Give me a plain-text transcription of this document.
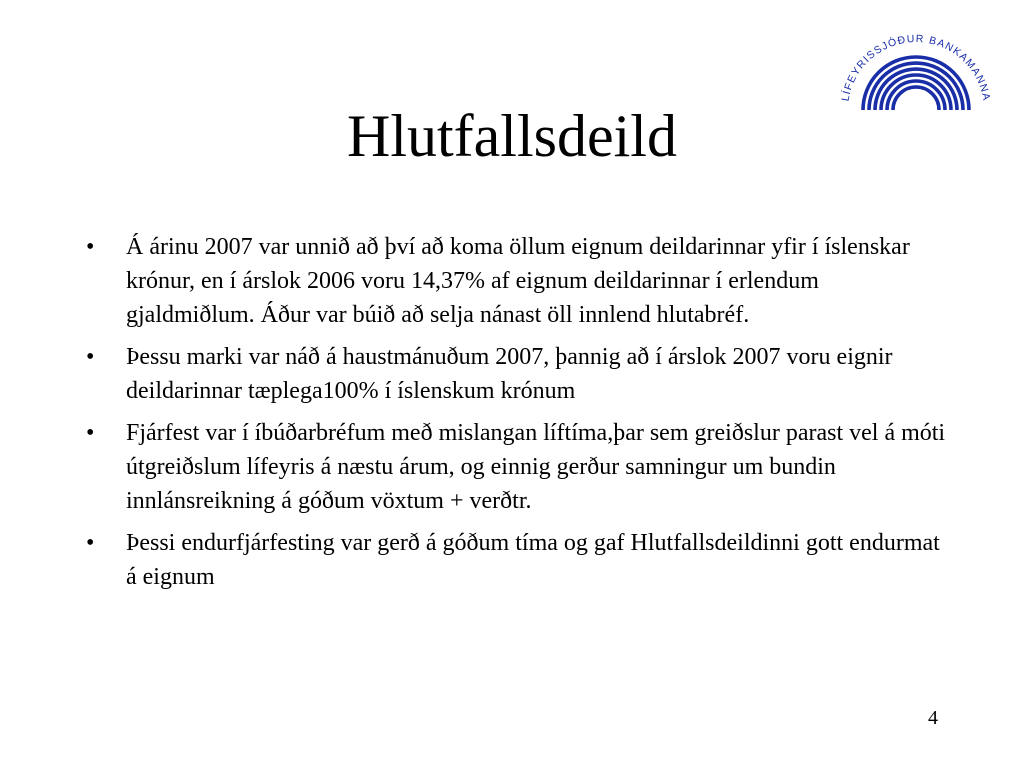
LÍFEYRISSJÓÐUR BANKAMANNA
Hlutfallsdeild
•	Á árinu 2007 var unnið að því að koma öllum eignum deildarinnar yfir í íslenskar krónur, en í árslok 2006 voru 14,37% af eignum deildarinnar í erlendum gjaldmiðlum. Áður var búið að selja nánast öll innlend hlutabréf.
•	Þessu marki var náð á haustmánuðum 2007, þannig að í árslok 2007 voru eignir deildarinnar tæplega100% í íslenskum krónum
•	Fjárfest var í íbúðarbréfum með mislangan líftíma,þar sem greiðslur parast vel á móti útgreiðslum lífeyris á næstu árum, og einnig gerður samningur um bundin innlánsreikning á góðum vöxtum + verðtr.
•	Þessi endurfjárfesting var gerð á góðum tíma og gaf Hlutfallsdeildinni gott endurmat á eignum
4
